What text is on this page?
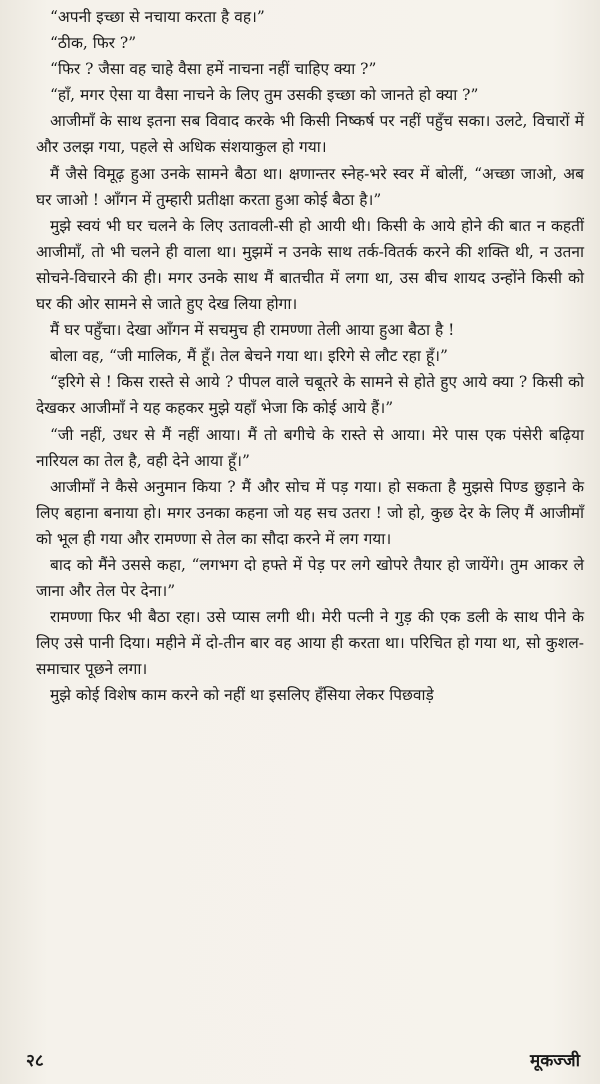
“अपनी इच्छा से नचाया करता है वह।”

“ठीक, फिर ?”

“फिर ? जैसा वह चाहे वैसा हमें नाचना नहीं चाहिए क्या ?”

“हाँ, मगर ऐसा या वैसा नाचने के लिए तुम उसकी इच्छा को जानते हो क्या ?”

आजीमाँ के साथ इतना सब विवाद करके भी किसी निष्कर्ष पर नहीं पहुँच सका। उलटे, विचारों में और उलझ गया, पहले से अधिक संशयाकुल हो गया।

मैं जैसे विमूढ़ हुआ उनके सामने बैठा था। क्षणान्तर स्नेह-भरे स्वर में बोलीं, “अच्छा जाओ, अब घर जाओ ! आँगन में तुम्हारी प्रतीक्षा करता हुआ कोई बैठा है।”

मुझे स्वयं भी घर चलने के लिए उतावली-सी हो आयी थी। किसी के आये होने की बात न कहतीं आजीमाँ, तो भी चलने ही वाला था। मुझमें न उनके साथ तर्क-वितर्क करने की शक्ति थी, न उतना सोचने-विचारने की ही। मगर उनके साथ मैं बातचीत में लगा था, उस बीच शायद उन्होंने किसी को घर की ओर सामने से जाते हुए देख लिया होगा।

मैं घर पहुँचा। देखा आँगन में सचमुच ही रामण्णा तेली आया हुआ बैठा है !

बोला वह, “जी मालिक, मैं हूँ। तेल बेचने गया था। इरिगे से लौट रहा हूँ।”

“इरिगे से ! किस रास्ते से आये ? पीपल वाले चबूतरे के सामने से होते हुए आये क्या ? किसी को देखकर आजीमाँ ने यह कहकर मुझे यहाँ भेजा कि कोई आये हैं।”

“जी नहीं, उधर से मैं नहीं आया। मैं तो बगीचे के रास्ते से आया। मेरे पास एक पंसेरी बढ़िया नारियल का तेल है, वही देने आया हूँ।”

आजीमाँ ने कैसे अनुमान किया ? मैं और सोच में पड़ गया। हो सकता है मुझसे पिण्ड छुड़ाने के लिए बहाना बनाया हो। मगर उनका कहना जो यह सच उतरा ! जो हो, कुछ देर के लिए मैं आजीमाँ को भूल ही गया और रामण्णा से तेल का सौदा करने में लग गया।

बाद को मैंने उससे कहा, “लगभग दो हफ्ते में पेड़ पर लगे खोपरे तैयार हो जायेंगे। तुम आकर ले जाना और तेल पेर देना।”

रामण्णा फिर भी बैठा रहा। उसे प्यास लगी थी। मेरी पत्नी ने गुड़ की एक डली के साथ पीने के लिए उसे पानी दिया। महीने में दो-तीन बार वह आया ही करता था। परिचित हो गया था, सो कुशल-समाचार पूछने लगा।

मुझे कोई विशेष काम करने को नहीं था इसलिए हँसिया लेकर पिछवाड़े

२८	मूकज्जी
